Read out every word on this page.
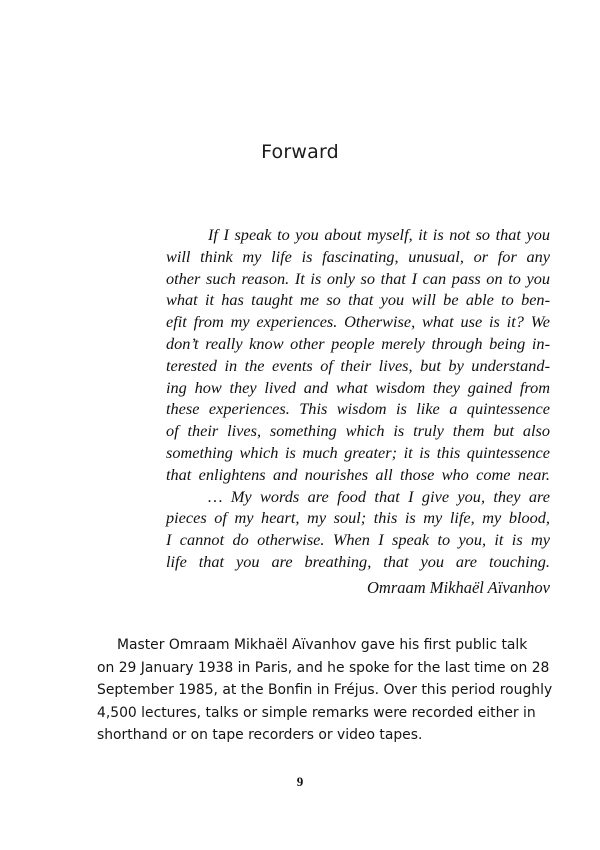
Forward
If I speak to you about myself, it is not so that you
will think my life is fascinating, unusual, or for any
other such reason. It is only so that I can pass on to you
what it has taught me so that you will be able to ben-
efit from my experiences. Otherwise, what use is it? We
don’t really know other people merely through being in-
terested in the events of their lives, but by understand-
ing how they lived and what wisdom they gained from
these experiences. This wisdom is like a quintessence
of their lives, something which is truly them but also
something which is much greater; it is this quintessence
that enlightens and nourishes all those who come near.
… My words are food that I give you, they are
pieces of my heart, my soul; this is my life, my blood,
I cannot do otherwise. When I speak to you, it is my
life that you are breathing, that you are touching.
Omraam Mikhaël Aïvanhov
Master Omraam Mikhaël Aïvanhov gave his first public talk
on 29 January 1938 in Paris, and he spoke for the last time on 28
September 1985, at the Bonfin in Fréjus. Over this period roughly
4,500 lectures, talks or simple remarks were recorded either in
shorthand or on tape recorders or video tapes.
9
